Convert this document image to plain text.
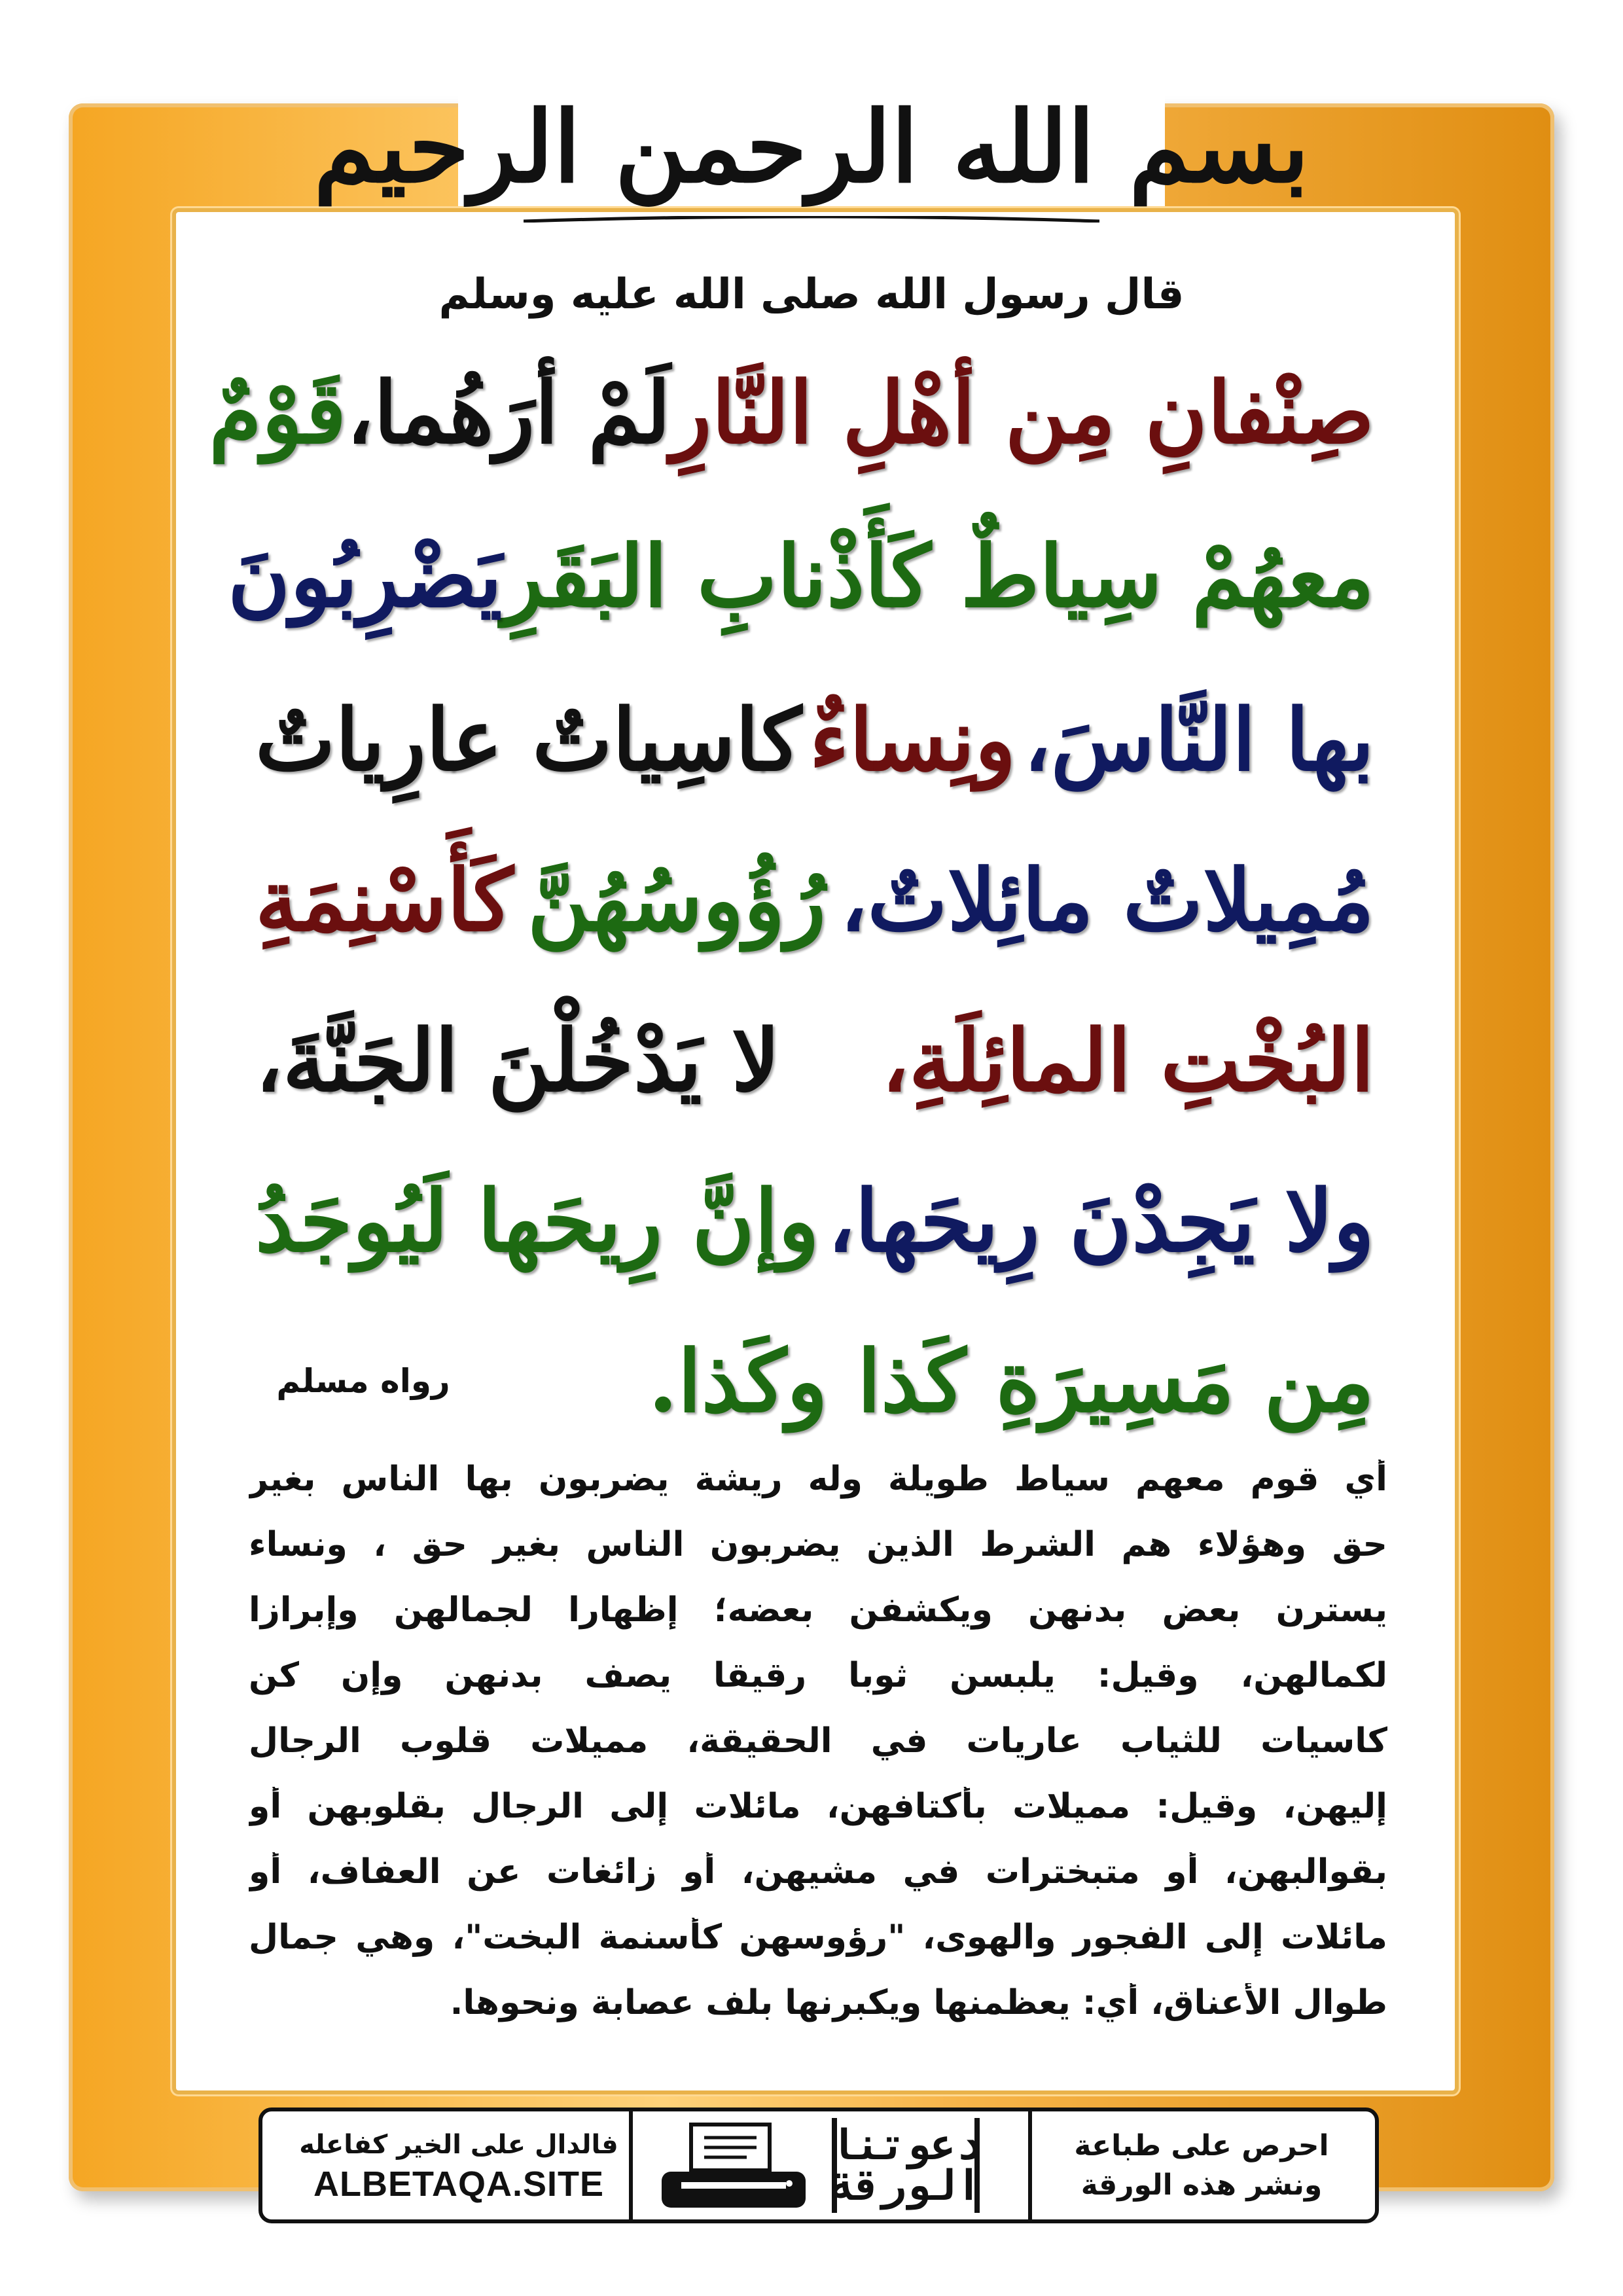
بسم الله الرحمن الرحيم
قال رسول الله صلى الله عليه وسلم
صِنْفانِ مِن أهْلِ النَّارِ
لَمْ أرَهُما،
قَوْمٌ
معهُمْ سِياطٌ كَأَذْنابِ البَقَرِ
يَضْرِبُونَ
بها النَّاسَ،
ونِساءٌ
كاسِياتٌ عارِياتٌ
مُمِيلاتٌ مائِلاتٌ،
رُؤُوسُهُنَّ
كَأَسْنِمَةِ
البُخْتِ المائِلَةِ،
لا يَدْخُلْنَ الجَنَّةَ،
ولا يَجِدْنَ رِيحَها،
وإنَّ رِيحَها لَيُوجَدُ
مِن مَسِيرَةِ كَذا وكَذا.
رواه مسلم
أي قوم معهم سياط طويلة وله ريشة يضربون بها الناس بغير
حق وهؤلاء هم الشرط الذين يضربون الناس بغير حق ، ونساء
يسترن بعض بدنهن ويكشفن بعضه؛ إظهارا لجمالهن وإبرازا
لكمالهن، وقيل: يلبسن ثوبا رقيقا يصف بدنهن وإن كن
كاسيات للثياب عاريات في الحقيقة، مميلات قلوب الرجال
إليهن، وقيل: مميلات بأكتافهن، مائلات إلى الرجال بقلوبهن أو
بقوالبهن، أو متبخترات في مشيهن، أو زائغات عن العفاف، أو
مائلات إلى الفجور والهوى، "رؤوسهن كأسنمة البخت"، وهي جمال
طوال الأعناق، أي: يعظمنها ويكبرنها بلف عصابة ونحوها.
احرص على طباعة
ونشر هذه الورقة
دعوتنا
الورقة
فالدال على الخير كفاعله
ALBETAQA.SITE
